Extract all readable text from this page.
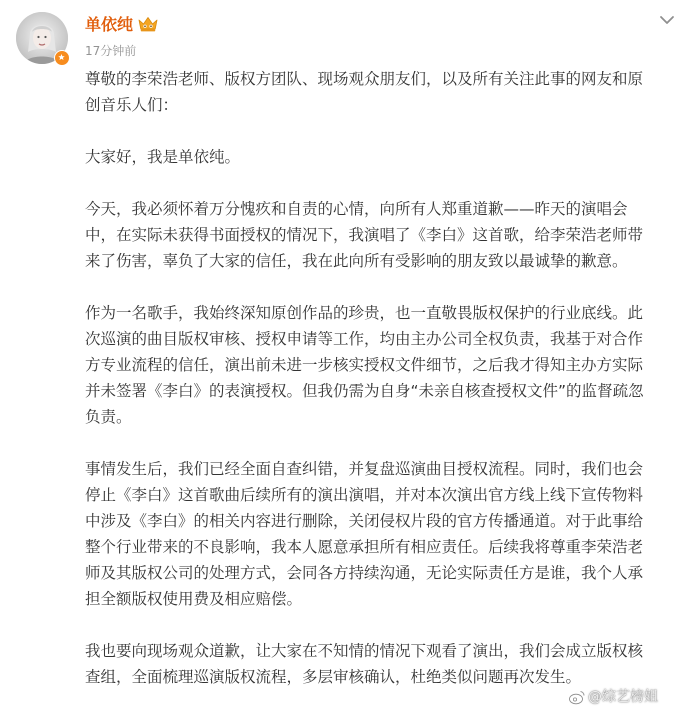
单依纯
17分钟前

尊敬的李荣浩老师、版权方团队、现场观众朋友们，以及所有关注此事的网友和原
创音乐人们：

大家好，我是单依纯。

今天，我必须怀着万分愧疚和自责的心情，向所有人郑重道歉——昨天的演唱会
中，在实际未获得书面授权的情况下，我演唱了《李白》这首歌，给李荣浩老师带
来了伤害，辜负了大家的信任，我在此向所有受影响的朋友致以最诚挚的歉意。

作为一名歌手，我始终深知原创作品的珍贵，也一直敬畏版权保护的行业底线。此
次巡演的曲目版权审核、授权申请等工作，均由主办公司全权负责，我基于对合作
方专业流程的信任，演出前未进一步核实授权文件细节，之后我才得知主办方实际
并未签署《李白》的表演授权。但我仍需为自身“未亲自核查授权文件”的监督疏忽
负责。

事情发生后，我们已经全面自查纠错，并复盘巡演曲目授权流程。同时，我们也会
停止《李白》这首歌曲后续所有的演出演唱，并对本次演出官方线上线下宣传物料
中涉及《李白》的相关内容进行删除，关闭侵权片段的官方传播通道。对于此事给
整个行业带来的不良影响，我本人愿意承担所有相应责任。后续我将尊重李荣浩老
师及其版权公司的处理方式，会同各方持续沟通，无论实际责任方是谁，我个人承
担全额版权使用费及相应赔偿。

我也要向现场观众道歉，让大家在不知情的情况下观看了演出，我们会成立版权核
查组，全面梳理巡演版权流程，多层审核确认，杜绝类似问题再次发生。

@综艺榜姐
